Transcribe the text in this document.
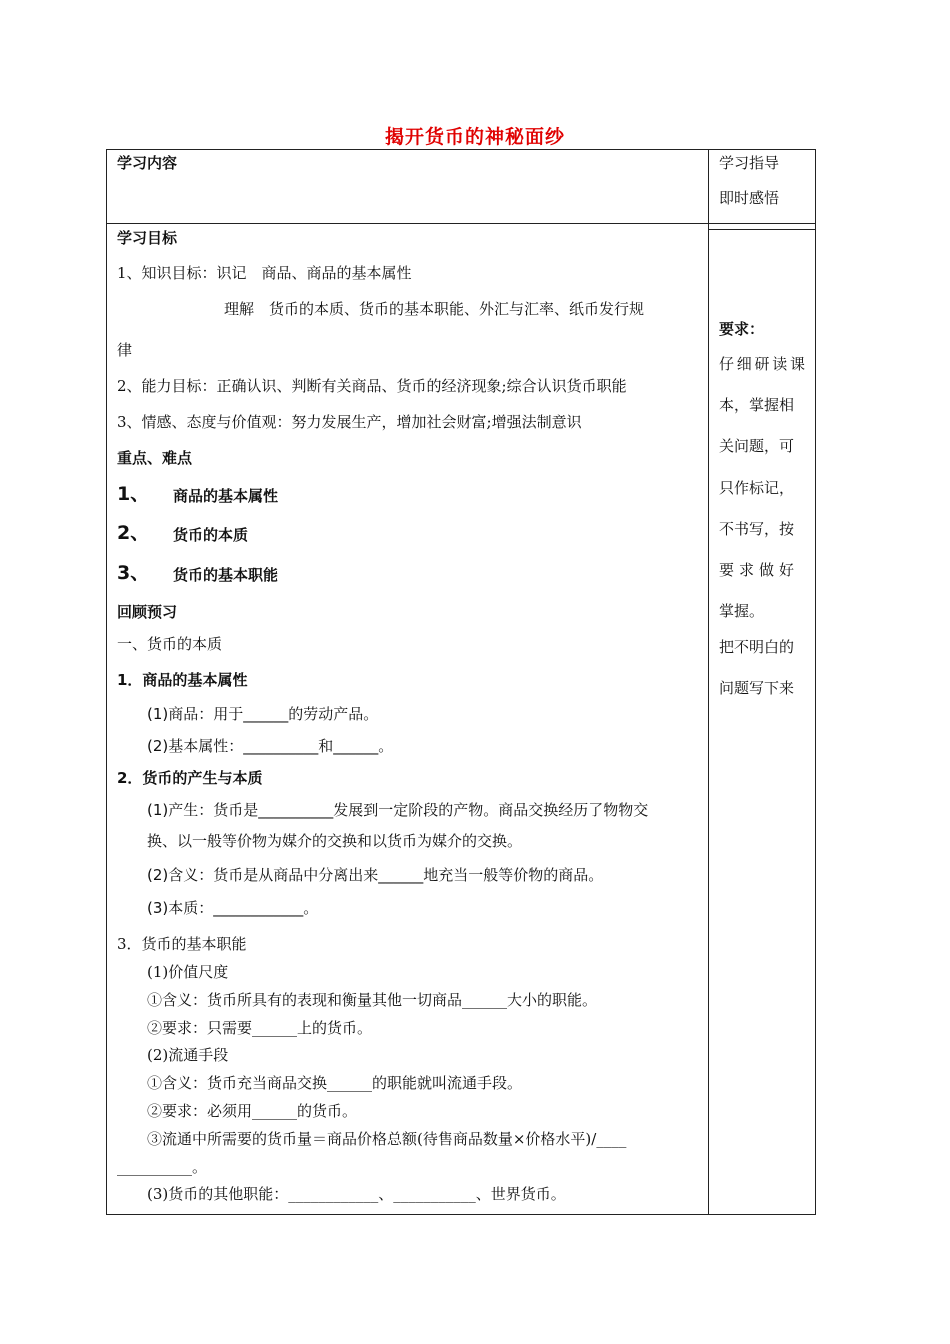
揭开货币的神秘面纱
学习内容	学习指导
即时感悟
要求：
仔 细 研 读 课
本，掌握相
关问题，可
只作标记，
不书写，按
要求做好
掌握。
把不明白的
问题写下来
学习目标
1、知识目标：识记　商品、商品的基本属性
理解　货币的本质、货币的基本职能、外汇与汇率、纸币发行规
律
2、能力目标：正确认识、判断有关商品、货币的经济现象;综合认识货币职能
3、情感、态度与价值观：努力发展生产，增加社会财富;增强法制意识
重点、难点
1、 商品的基本属性
2、 货币的本质
3、 货币的基本职能
回顾预习
一、货币的本质
1．商品的基本属性
(1)商品：用于______的劳动产品。
(2)基本属性：__________和______。
2．货币的产生与本质
(1)产生：货币是__________发展到一定阶段的产物。商品交换经历了物物交
换、以一般等价物为媒介的交换和以货币为媒介的交换。
(2)含义：货币是从商品中分离出来______地充当一般等价物的商品。
(3)本质：____________。
3．货币的基本职能
(1)价值尺度
①含义：货币所具有的表现和衡量其他一切商品______大小的职能。
②要求：只需要______上的货币。
(2)流通手段
①含义：货币充当商品交换______的职能就叫流通手段。
②要求：必须用______的货币。
③流通中所需要的货币量＝商品价格总额(待售商品数量×价格水平)/____
__________。
(3)货币的其他职能：____________、___________、世界货币。
